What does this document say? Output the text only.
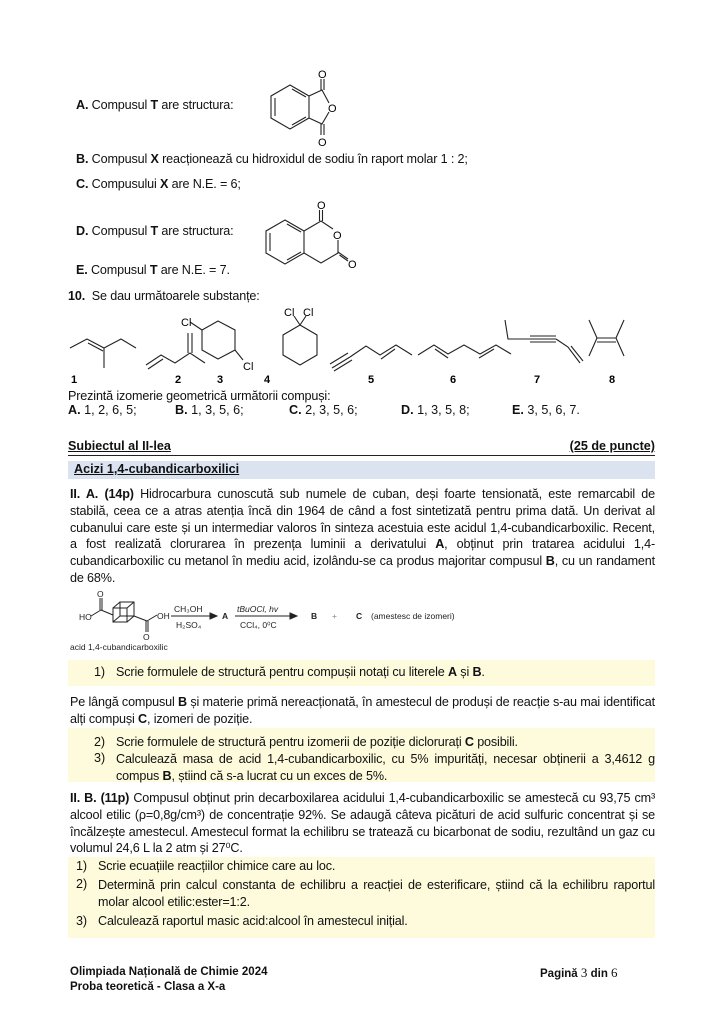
A. Compusul T are structura:
O
O
O
B. Compusul X reacționează cu hidroxidul de sodiu în raport molar 1 : 2;
C. Compusului X are N.E. = 6;
D. Compusul T are structura:
O
O
O
E. Compusul T are N.E. = 7.
10. Se dau următoarele substanțe:
Cl
Cl
Cl Cl
1	2	3	4	5	6	7	8
Prezintă izomerie geometrică următorii compuși:
A. 1, 2, 6, 5;	B. 1, 3, 5, 6;	C. 2, 3, 5, 6;	D. 1, 3, 5, 8;	E. 3, 5, 6, 7.
Subiectul al II-lea	(25 de puncte)
Acizi 1,4-cubandicarboxilici
II. A. (14p) Hidrocarbura cunoscută sub numele de cuban, deși foarte tensionată, este remarcabil de stabilă, ceea ce a atras atenția încă din 1964 de când a fost sintetizată pentru prima dată. Un derivat al cubanului care este și un intermediar valoros în sinteza acestuia este acidul 1,4-cubandicarboxilic. Recent, a fost realizată clorurarea în prezența luminii a derivatului A, obținut prin tratarea acidului 1,4-cubandicarboxilic cu metanol în mediu acid, izolându-se ca produs majoritar compusul B, cu un randament de 68%.
O
HO	OH
O
CH₃OH
H₂SO₄
A
tBuOCl, hv
CCl₄, 0⁰C
B + C (amestesc de izomeri)
acid 1,4-cubandicarboxilic
1) Scrie formulele de structură pentru compușii notați cu literele A și B.
Pe lângă compusul B și materie primă nereacționată, în amestecul de produși de reacție s-au mai identificat alți compuși C, izomeri de poziție.
2) Scrie formulele de structură pentru izomerii de poziție diclorurați C posibili.
3) Calculează masa de acid 1,4-cubandicarboxilic, cu 5% impurități, necesar obținerii a 3,4612 g compus B, știind că s-a lucrat cu un exces de 5%.
II. B. (11p) Compusul obținut prin decarboxilarea acidului 1,4-cubandicarboxilic se amestecă cu 93,75 cm³ alcool etilic (ρ=0,8g/cm³) de concentrație 92%. Se adaugă câteva picături de acid sulfuric concentrat și se încălzește amestecul. Amestecul format la echilibru se tratează cu bicarbonat de sodiu, rezultând un gaz cu volumul 24,6 L la 2 atm și 27⁰C.
1) Scrie ecuațiile reacțiilor chimice care au loc.
2) Determină prin calcul constanta de echilibru a reacției de esterificare, știind că la echilibru raportul molar alcool etilic:ester=1:2.
3) Calculează raportul masic acid:alcool în amestecul inițial.
Olimpiada Națională de Chimie 2024
Proba teoretică - Clasa a X-a
Pagină 3 din 6
